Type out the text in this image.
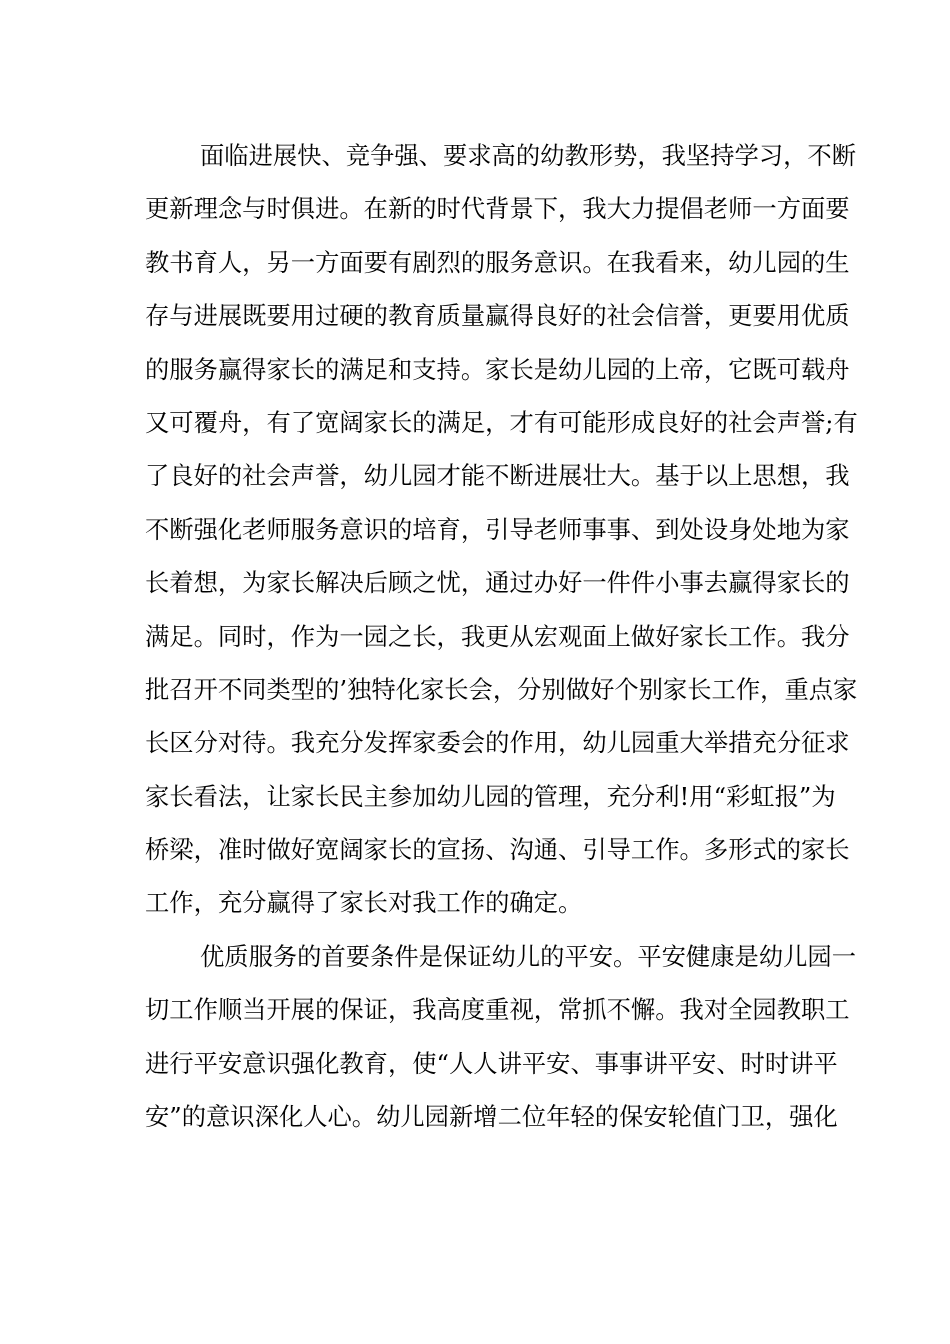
面临进展快、竞争强、要求高的幼教形势，我坚持学习，不断
更新理念与时俱进。在新的时代背景下，我大力提倡老师一方面要
教书育人，另一方面要有剧烈的服务意识。在我看来，幼儿园的生
存与进展既要用过硬的教育质量赢得良好的社会信誉，更要用优质
的服务赢得家长的满足和支持。家长是幼儿园的上帝，它既可载舟
又可覆舟，有了宽阔家长的满足，才有可能形成良好的社会声誉;有
了良好的社会声誉，幼儿园才能不断进展壮大。基于以上思想，我
不断强化老师服务意识的培育，引导老师事事、到处设身处地为家
长着想，为家长解决后顾之忧，通过办好一件件小事去赢得家长的
满足。同时，作为一园之长，我更从宏观面上做好家长工作。我分
批召开不同类型的’独特化家长会，分别做好个别家长工作，重点家
长区分对待。我充分发挥家委会的作用，幼儿园重大举措充分征求
家长看法，让家长民主参加幼儿园的管理，充分利!用“彩虹报”为
桥梁，准时做好宽阔家长的宣扬、沟通、引导工作。多形式的家长
工作，充分赢得了家长对我工作的确定。
优质服务的首要条件是保证幼儿的平安。平安健康是幼儿园一
切工作顺当开展的保证，我高度重视，常抓不懈。我对全园教职工
进行平安意识强化教育，使“人人讲平安、事事讲平安、时时讲平
安”的意识深化人心。幼儿园新增二位年轻的保安轮值门卫，强化
